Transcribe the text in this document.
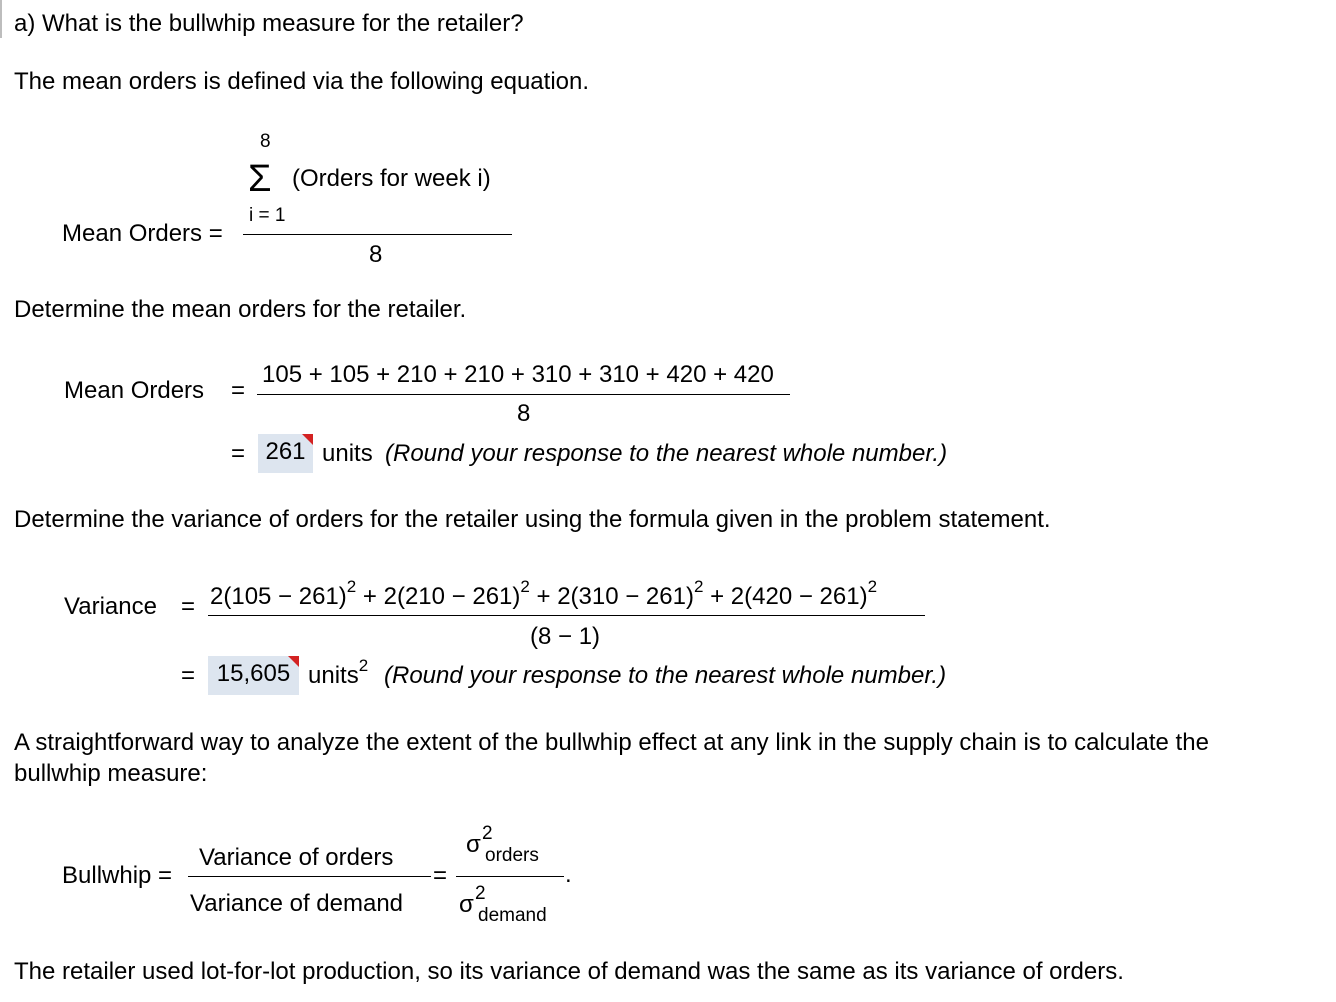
a) What is the bullwhip measure for the retailer?
The mean orders is defined via the following equation.
8
Σ (Orders for week i)
i = 1
Mean Orders =
8
Determine the mean orders for the retailer.
105 + 105 + 210 + 210 + 310 + 310 + 420 + 420
Mean Orders =
8
= 261 units (Round your response to the nearest whole number.)
Determine the variance of orders for the retailer using the formula given in the problem statement.
$2(105 - 261)^2 + 2(210 - 261)^2 + 2(310 - 261)^2 + 2(420 - 261)^2$
Variance =
(8 − 1)
= 15,605 units$^2$ (Round your response to the nearest whole number.)
A straightforward way to analyze the extent of the bullwhip effect at any link in the supply chain is to calculate the
bullwhip measure:
Bullwhip =
Variance of orders
Variance of demand
=
σ 2
orders
.
σ 2
demand
The retailer used lot-for-lot production, so its variance of demand was the same as its variance of orders.
